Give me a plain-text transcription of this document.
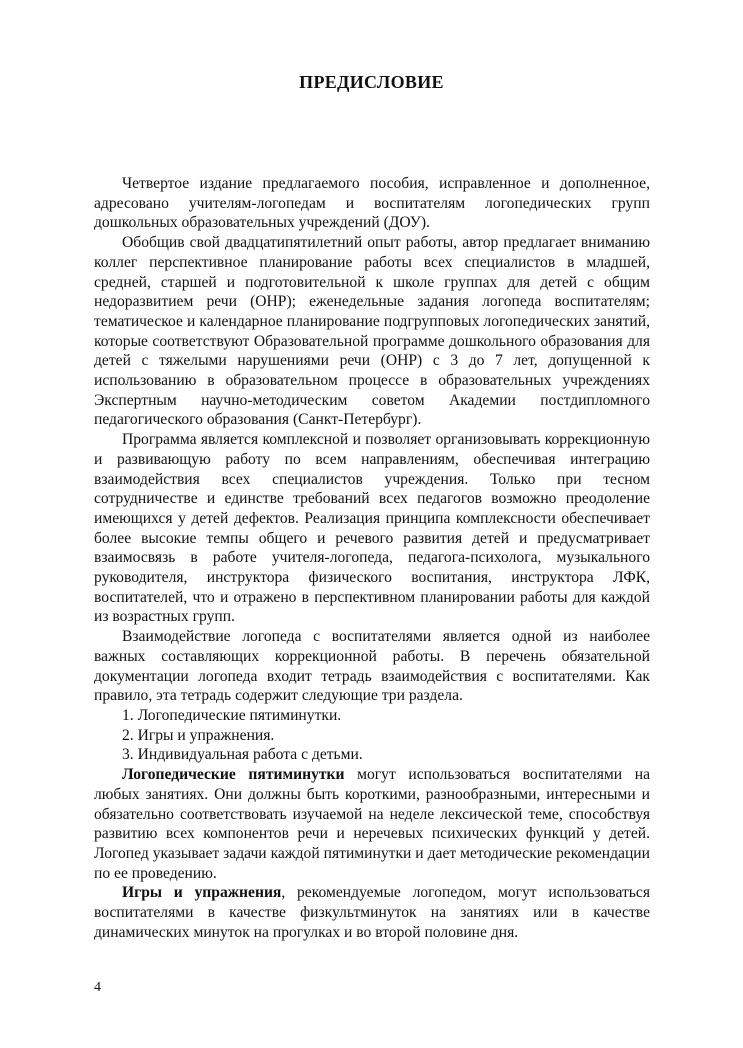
ПРЕДИСЛОВИЕ

Четвертое издание предлагаемого пособия, исправленное и дополненное, адресовано учителям-логопедам и воспитателям логопедических групп дошкольных образовательных учреждений (ДОУ).

Обобщив свой двадцатипятилетний опыт работы, автор предлагает вниманию коллег перспективное планирование работы всех специалистов в младшей, средней, старшей и подготовительной к школе группах для детей с общим недоразвитием речи (ОНР); еженедельные задания логопеда воспитателям; тематическое и календарное планирование подгрупповых логопедических занятий, которые соответствуют Образовательной программе дошкольного образования для детей с тяжелыми нарушениями речи (ОНР) с 3 до 7 лет, допущенной к использованию в образовательном процессе в образовательных учреждениях Экспертным научно-методическим советом Академии постдипломного педагогического образования (Санкт-Петербург).

Программа является комплексной и позволяет организовывать коррекционную и развивающую работу по всем направлениям, обеспечивая интеграцию взаимодействия всех специалистов учреждения. Только при тесном сотрудничестве и единстве требований всех педагогов возможно преодоление имеющихся у детей дефектов. Реализация принципа комплексности обеспечивает более высокие темпы общего и речевого развития детей и предусматривает взаимосвязь в работе учителя-логопеда, педагога-психолога, музыкального руководителя, инструктора физического воспитания, инструктора ЛФК, воспитателей, что и отражено в перспективном планировании работы для каждой из возрастных групп.

Взаимодействие логопеда с воспитателями является одной из наиболее важных составляющих коррекционной работы. В перечень обязательной документации логопеда входит тетрадь взаимодействия с воспитателями. Как правило, эта тетрадь содержит следующие три раздела.

1. Логопедические пятиминутки.

2. Игры и упражнения.

3. Индивидуальная работа с детьми.

Логопедические пятиминутки могут использоваться воспитателями на любых занятиях. Они должны быть короткими, разнообразными, интересными и обязательно соответствовать изучаемой на неделе лексической теме, способствуя развитию всех компонентов речи и неречевых психических функций у детей. Логопед указывает задачи каждой пятиминутки и дает методические рекомендации по ее проведению.

Игры и упражнения, рекомендуемые логопедом, могут использоваться воспитателями в качестве физкультминуток на занятиях или в качестве динамических минуток на прогулках и во второй половине дня.

4
